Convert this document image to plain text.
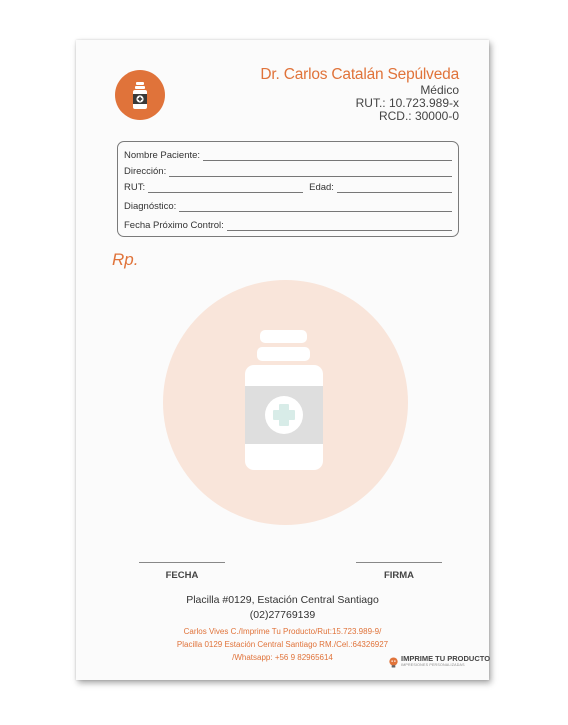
Dr. Carlos Catalán Sepúlveda
Médico
RUT.: 10.723.989-x
RCD.: 30000-0
Nombre Paciente:
Dirección:
RUT:	Edad:
Diagnóstico:
Fecha Próximo Control:
Rp.
FECHA	FIRMA
Placilla #0129, Estación Central Santiago
(02)27769139
Carlos Vives C./Imprime Tu Producto/Rut:15.723.989-9/
Placilla 0129 Estación Central Santiago RM./Cel.:64326927
/Whatsapp: +56 9 82965614	IMPRIME TU PRODUCTO
IMPRESIONES PERSONALIZADAS
